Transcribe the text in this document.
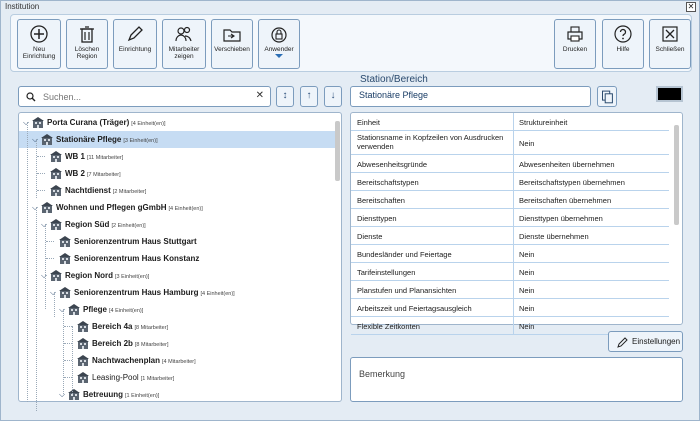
Institution	✕
Neu Einrichtung
Löschen Region
Einrichtung	Mitarbeiter zeigen
Verschieben	Anwender	Drucken	Hilfe	Schließen
Suchen...
✕	↕	↑	↓
⌵ Porta Curana (Träger) [4 Einheit(en)]
⌵ Stationäre Pflege [3 Einheit(en)]
WB 1 [11 Mitarbeiter]
WB 2 [7 Mitarbeiter]
Nachtdienst [2 Mitarbeiter]
⌵ Wohnen und Pflegen gGmbH [4 Einheit(en)]
⌵ Region Süd [2 Einheit(en)]
Seniorenzentrum Haus Stuttgart
Seniorenzentrum Haus Konstanz
⌵ Region Nord [3 Einheit(en)]
⌵ Seniorenzentrum Haus Hamburg [4 Einheit(en)]
⌵ Pflege [4 Einheit(en)]
Bereich 4a [8 Mitarbeiter]
Bereich 2b [8 Mitarbeiter]
Nachtwachenplan [4 Mitarbeiter]
Leasing-Pool [1 Mitarbeiter]
⌵ Betreuung [1 Einheit(en)]
Station/Bereich
Stationäre Pflege
Einheit	Struktureinheit
Stationsname in Kopfzeilen von Ausdrucken verwenden	Nein
Abwesenheitsgründe	Abwesenheiten übernehmen
Bereitschaftstypen	Bereitschaftstypen übernehmen
Bereitschaften	Bereitschaften übernehmen
Diensttypen	Diensttypen übernehmen
Dienste	Dienste übernehmen
Bundesländer und Feiertage	Nein
Tarifeinstellungen	Nein
Planstufen und Planansichten	Nein
Arbeitszeit und Feiertagsausgleich	Nein
Flexible Zeitkonten	Nein
Einstellungen
Bemerkung
